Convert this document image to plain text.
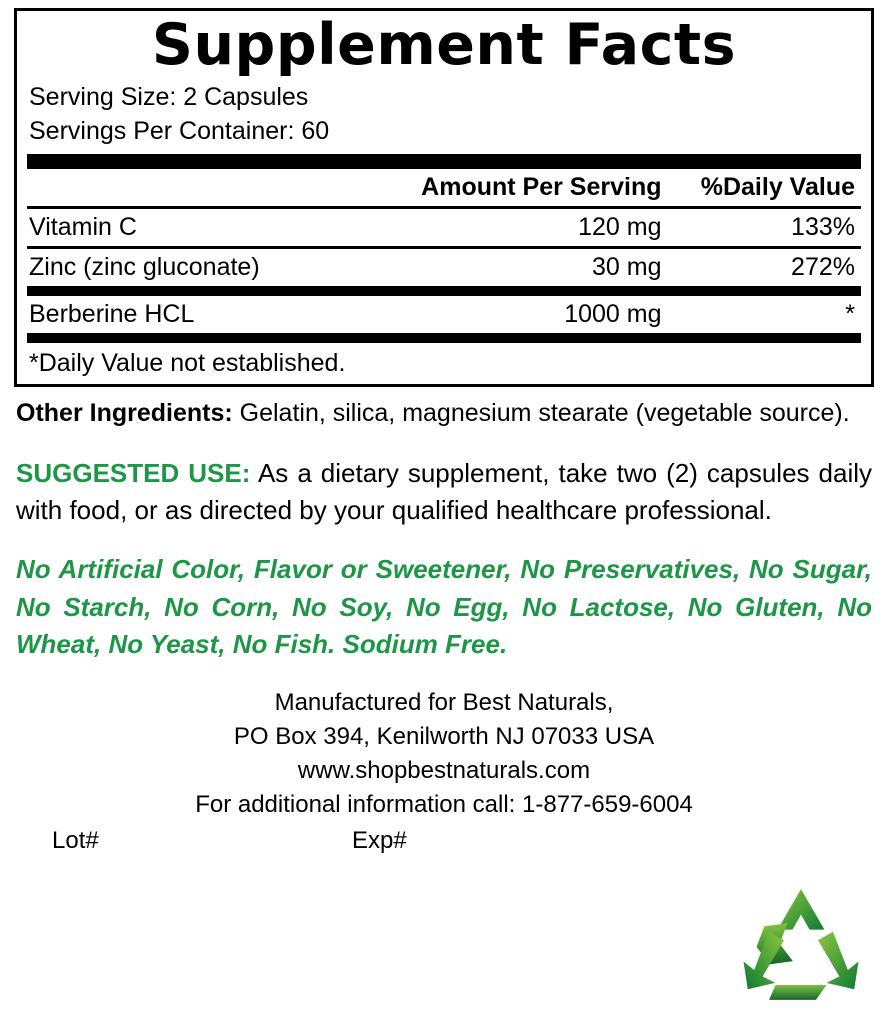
Supplement Facts
Serving Size: 2 Capsules
Servings Per Container: 60
	Amount Per Serving	%Daily Value
Vitamin C	120 mg	133%
Zinc (zinc gluconate)	30 mg	272%
Berberine HCL	1000 mg	*
*Daily Value not established.
Other Ingredients: Gelatin, silica, magnesium stearate (vegetable source).
SUGGESTED USE: As a dietary supplement, take two (2) capsules daily with food, or as directed by your qualified healthcare professional.
No Artificial Color, Flavor or Sweetener, No Preservatives, No Sugar, No Starch, No Corn, No Soy, No Egg, No Lactose, No Gluten, No Wheat, No Yeast, No Fish. Sodium Free.
Manufactured for Best Naturals,
PO Box 394, Kenilworth NJ 07033 USA
www.shopbestnaturals.com
For additional information call: 1-877-659-6004
Lot#	Exp#
